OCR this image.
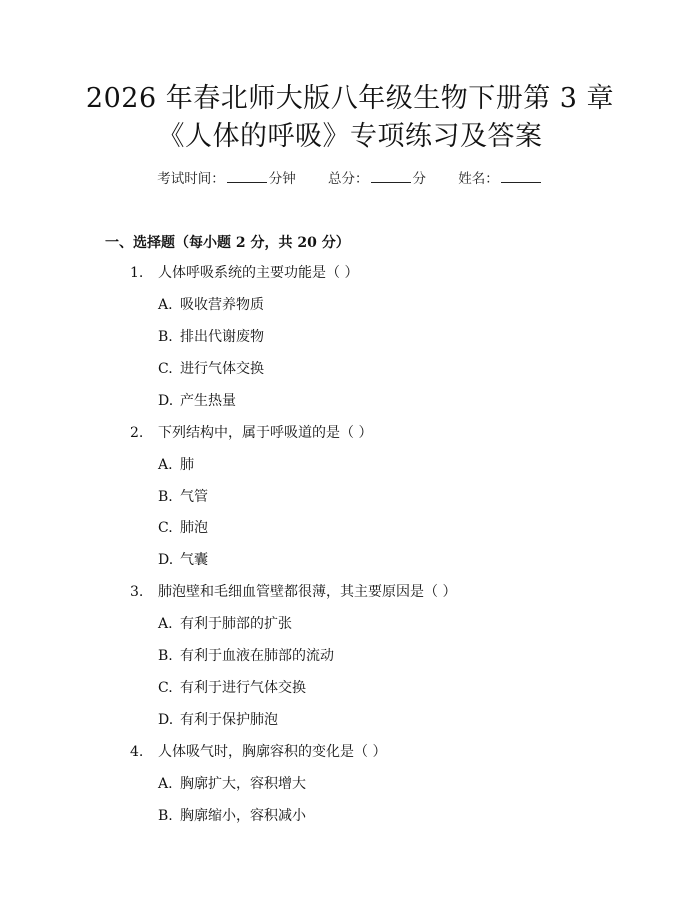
2026 年春北师大版八年级生物下册第 3 章
《人体的呼吸》专项练习及答案
考试时间：	分钟 总分：	分 姓名：
一、选择题（每小题 2 分，共 20 分）
1. 人体呼吸系统的主要功能是（ ）
A. 吸收营养物质
B. 排出代谢废物
C. 进行气体交换
D. 产生热量
2. 下列结构中，属于呼吸道的是（ ）
A. 肺
B. 气管
C. 肺泡
D. 气囊
3. 肺泡壁和毛细血管壁都很薄，其主要原因是（ ）
A. 有利于肺部的扩张
B. 有利于血液在肺部的流动
C. 有利于进行气体交换
D. 有利于保护肺泡
4. 人体吸气时，胸廓容积的变化是（ ）
A. 胸廓扩大，容积增大
B. 胸廓缩小，容积减小
